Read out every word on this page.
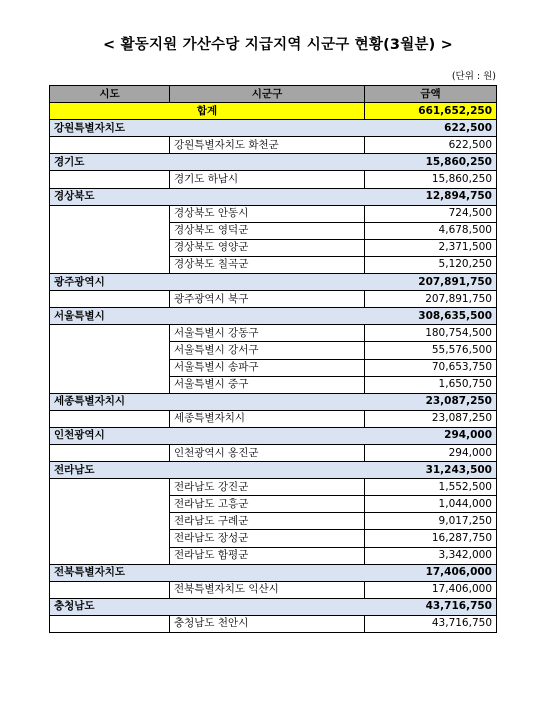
< 활동지원 가산수당 지급지역 시군구 현황(3월분) >
(단위 : 원)
시도	시군구	금액
합계		661,652,250
강원특별자치도		622,500
	강원특별자치도 화천군	622,500
경기도		15,860,250
	경기도 하남시	15,860,250
경상북도		12,894,750
	경상북도 안동시	724,500
	경상북도 영덕군	4,678,500
	경상북도 영양군	2,371,500
	경상북도 칠곡군	5,120,250
광주광역시		207,891,750
	광주광역시 북구	207,891,750
서울특별시		308,635,500
	서울특별시 강동구	180,754,500
	서울특별시 강서구	55,576,500
	서울특별시 송파구	70,653,750
	서울특별시 중구	1,650,750
세종특별자치시		23,087,250
	세종특별자치시	23,087,250
인천광역시		294,000
	인천광역시 옹진군	294,000
전라남도		31,243,500
	전라남도 강진군	1,552,500
	전라남도 고흥군	1,044,000
	전라남도 구례군	9,017,250
	전라남도 장성군	16,287,750
	전라남도 함평군	3,342,000
전북특별자치도		17,406,000
	전북특별자치도 익산시	17,406,000
충청남도		43,716,750
	충청남도 천안시	43,716,750
